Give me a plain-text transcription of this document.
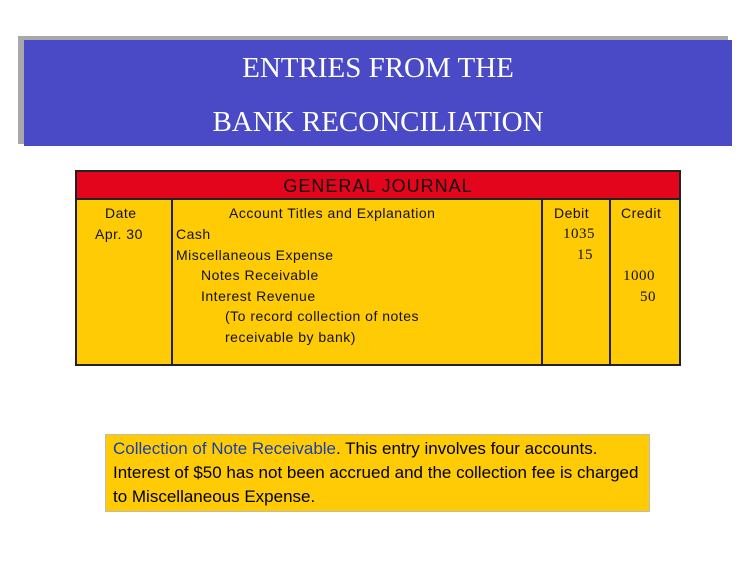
ENTRIES FROM THE
BANK RECONCILIATION
GENERAL JOURNAL
Date	Account Titles and Explanation	Debit Credit
Apr. 30 Cash
Miscellaneous Expense
Notes Receivable
Interest Revenue
(To record collection of notes
receivable by bank)
1035
15
1000
50
Collection of Note Receivable. This entry involves four accounts. Interest of $50 has not been accrued and the collection fee is charged to Miscellaneous Expense.
